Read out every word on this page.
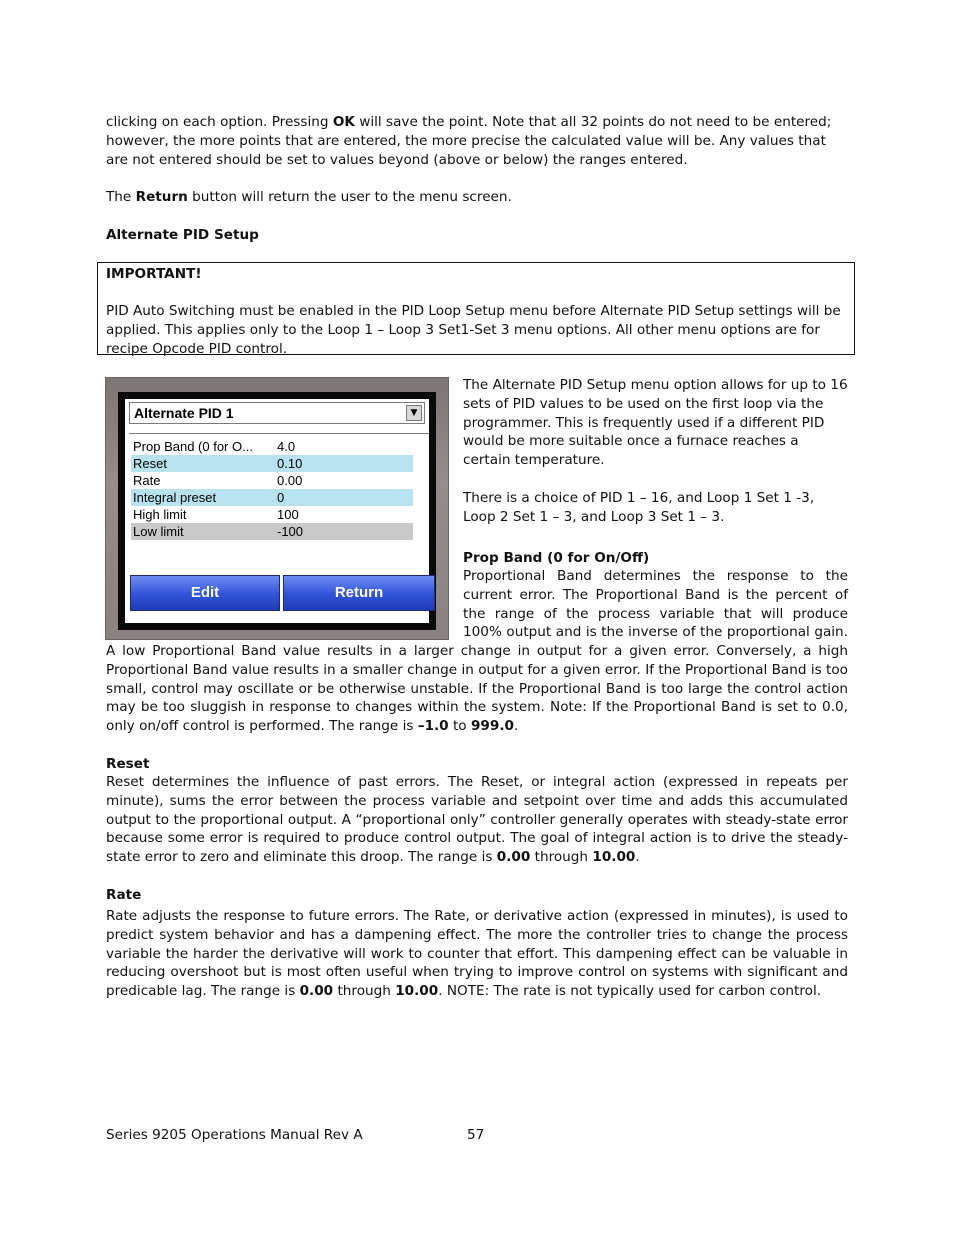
clicking on each option. Pressing OK will save the point. Note that all 32 points do not need to be entered;
however, the more points that are entered, the more precise the calculated value will be. Any values that
are not entered should be set to values beyond (above or below) the ranges entered.
The Return button will return the user to the menu screen.
Alternate PID Setup
IMPORTANT!
PID Auto Switching must be enabled in the PID Loop Setup menu before Alternate PID Setup settings will be applied. This applies only to the Loop 1 – Loop 3 Set1-Set 3 menu options. All other menu options are for recipe Opcode PID control.
Alternate PID 1	▼
Prop Band (0 for O... 4.0
Reset	0.10
Rate	0.00
Integral preset	0
High limit	100
Low limit	-100
Edit	Return
The Alternate PID Setup menu option allows for up to 16 sets of PID values to be used on the first loop via the programmer. This is frequently used if a different PID would be more suitable once a furnace reaches a certain temperature.
There is a choice of PID 1 – 16, and Loop 1 Set 1 -3, Loop 2 Set 1 – 3, and Loop 3 Set 1 – 3.
Prop Band (0 for On/Off)
Proportional Band determines the response to the current error. The Proportional Band is the percent of the range of the process variable that will produce 100% output and is the inverse of the proportional gain.
A low Proportional Band value results in a larger change in output for a given error. Conversely, a high Proportional Band value results in a smaller change in output for a given error. If the Proportional Band is too small, control may oscillate or be otherwise unstable. If the Proportional Band is too large the control action may be too sluggish in response to changes within the system. Note: If the Proportional Band is set to 0.0, only on/off control is performed. The range is –1.0 to 999.0.
Reset
Reset determines the influence of past errors. The Reset, or integral action (expressed in repeats per minute), sums the error between the process variable and setpoint over time and adds this accumulated output to the proportional output. A “proportional only” controller generally operates with steady-state error because some error is required to produce control output. The goal of integral action is to drive the steady-state error to zero and eliminate this droop. The range is 0.00 through 10.00.
Rate
Rate adjusts the response to future errors. The Rate, or derivative action (expressed in minutes), is used to predict system behavior and has a dampening effect. The more the controller tries to change the process variable the harder the derivative will work to counter that effort. This dampening effect can be valuable in reducing overshoot but is most often useful when trying to improve control on systems with significant and predicable lag. The range is 0.00 through 10.00. NOTE: The rate is not typically used for carbon control.
Series 9205 Operations Manual Rev A	57
